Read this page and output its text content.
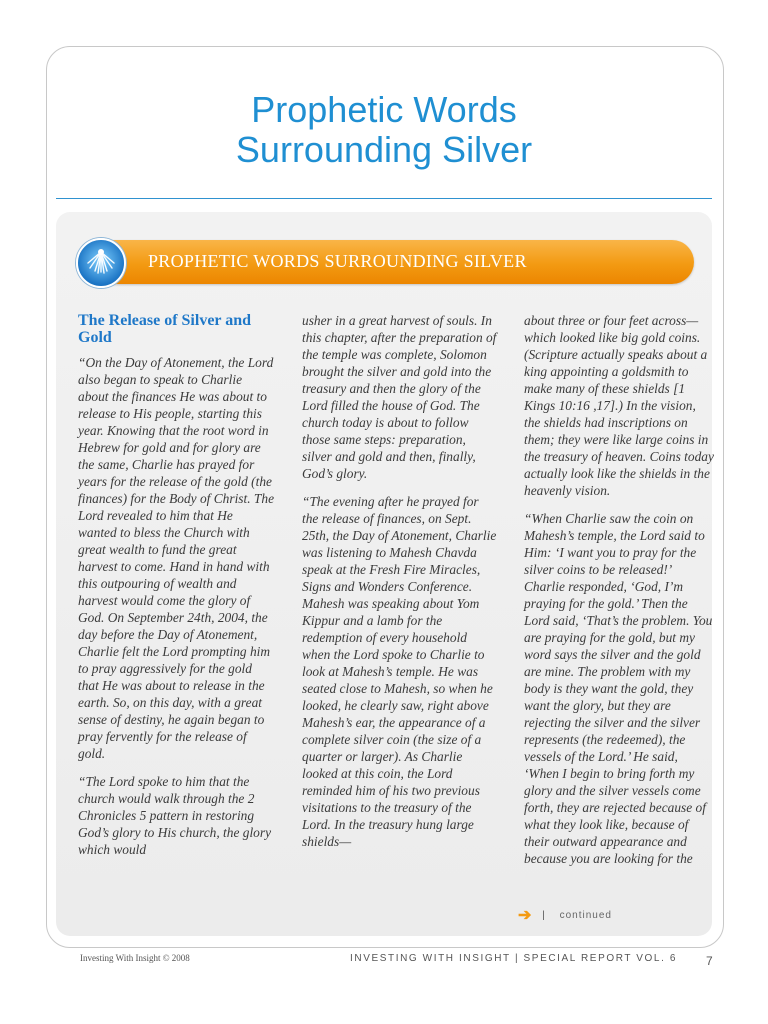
Prophetic Words
Surrounding Silver
PROPHETIC WORDS SURROUNDING SILVER
The Release of Silver and Gold

“On the Day of Atonement, the Lord also began to speak to Charlie about the finances He was about to release to His people, starting this year. Knowing that the root word in Hebrew for gold and for glory are the same, Charlie has prayed for years for the release of the gold (the finances) for the Body of Christ. The Lord revealed to him that He wanted to bless the Church with great wealth to fund the great harvest to come. Hand in hand with this outpouring of wealth and harvest would come the glory of God. On September 24th, 2004, the day before the Day of Atonement, Charlie felt the Lord prompting him to pray aggressively for the gold that He was about to release in the earth. So, on this day, with a great sense of destiny, he again began to pray fervently for the release of gold.

“The Lord spoke to him that the church would walk through the 2 Chronicles 5 pattern in restoring God’s glory to His church, the glory which would

usher in a great harvest of souls. In this chapter, after the preparation of the temple was complete, Solomon brought the silver and gold into the treasury and then the glory of the Lord filled the house of God. The church today is about to follow those same steps: preparation, silver and gold and then, finally, God’s glory.

“The evening after he prayed for the release of finances, on Sept. 25th, the Day of Atonement, Charlie was listening to Mahesh Chavda speak at the Fresh Fire Miracles, Signs and Wonders Conference. Mahesh was speaking about Yom Kippur and a lamb for the redemption of every household when the Lord spoke to Charlie to look at Mahesh’s temple. He was seated close to Mahesh, so when he looked, he clearly saw, right above Mahesh’s ear, the appearance of a complete silver coin (the size of a quarter or larger). As Charlie looked at this coin, the Lord reminded him of his two previous visitations to the treasury of the Lord. In the treasury hung large shields—

about three or four feet across—which looked like big gold coins. (Scripture actually speaks about a king appointing a goldsmith to make many of these shields [1 Kings 10:16 ,17].) In the vision, the shields had inscriptions on them; they were like large coins in the treasury of heaven. Coins today actually look like the shields in the heavenly vision.

“When Charlie saw the coin on Mahesh’s temple, the Lord said to Him: ‘I want you to pray for the silver coins to be released!’ Charlie responded, ‘God, I’m praying for the gold.’ Then the Lord said, ‘That’s the problem. You are praying for the gold, but my word says the silver and the gold are mine. The problem with my body is they want the gold, they want the glory, but they are rejecting the silver and the silver represents (the redeemed), the vessels of the Lord.’ He said, ‘When I begin to bring forth my glory and the silver vessels come forth, they are rejected because of what they look like, because of their outward appearance and because you are looking for the

➔ | continued
Investing With Insight © 2008	INVESTING WITH INSIGHT | SPECIAL REPORT VOL. 6 7
